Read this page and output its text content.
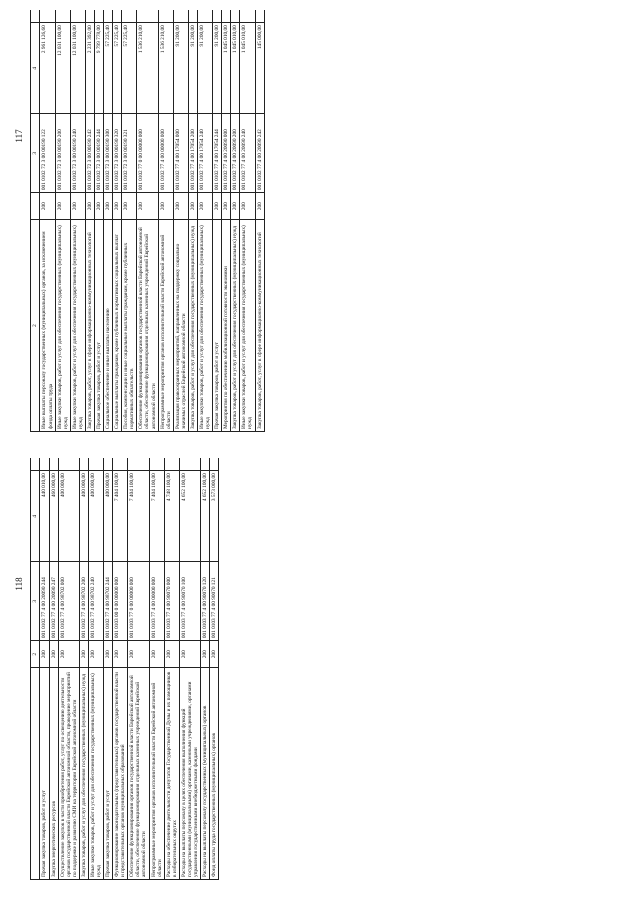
117
2		3	4		
Иные выплаты персоналу государственных (муниципальных) органов, за исключением фонда оплаты труда	200	001 0102 72 3 00 00190 122	2 961 126,60		
Иные закупки товаров, работ и услуг для обеспечения государственных (муниципальных) нужд	200	001 0102 72 3 00 00190 200	12 031 100,00		
Иные закупки товаров, работ и услуг для обеспечения государственных (муниципальных) нужд	200	001 0102 72 3 00 00190 240	12 031 100,00		
Закупка товаров, работ, услуг в сфере информационно-коммуникационных технологий	200	001 0102 72 3 00 00190 242	2 231 392,00		
Прочая закупка товаров, работ и услуг	200	001 0102 72 3 00 00190 244	9 799 778,00		
Социальное обеспечение и иные выплаты населению	200	001 0102 72 3 00 00190 300	57 225,40		
Социальные выплаты гражданам, кроме публичных нормативных социальных выплат	200	001 0102 72 3 00 00190 320	57 225,40		
Пособия, компенсации и иные социальные выплаты гражданам, кроме публичных нормативных обязательств	200	001 0102 72 3 00 00190 321	57 225,40		
Обеспечение функционирования органов государственной власти Еврейской автономной области, обеспечение функционирования отдельных казенных учреждений Еврейской автономной области	200	001 0102 77 0 00 00000 000	1 536 210,00		
Непрограммные мероприятия органов исполнительной власти Еврейской автономной области	200	001 0102 77 4 00 00000 000	1 536 210,00		
Реализация правоохранных мероприятий, направленных на поддержку социально значимых отраслей Еврейской автономной области	200	001 0102 77 4 00 17054 000	91 200,00		
Закупка товаров, работ и услуг для обеспечения государственных (муниципальных) нужд	200	001 0102 77 4 00 17054 200	91 200,00		
Иные закупки товаров, работ и услуг для обеспечения государственных (муниципальных) нужд	200	001 0102 77 4 00 17054 240	91 200,00		
Прочая закупка товаров, работ и услуг	200	001 0102 77 4 00 17054 244	91 200,00		
Мероприятия по обеспечению мобилизационной готовности экономики	200	001 0102 77 4 00 20090 000	1 045 010,00		
Закупка товаров, работ и услуг для обеспечения государственных (муниципальных) нужд	200	001 0102 77 4 00 20090 200	1 045 010,00		
Иные закупки товаров, работ и услуг для обеспечения государственных (муниципальных) нужд	200	001 0102 77 4 00 20090 240	1 045 010,00		
Закупка товаров, работ, услуг в сфере информационно-коммуникационных технологий	200	001 0102 77 4 00 20090 242	145 000,00		
118
	2	3	4		
Прочая закупка товаров, работ и услуг	200	001 0102 77 4 00 20090 244	440 010,00		
Закупка энергетических ресурсов	200	001 0102 77 4 00 20090 247	460 000,00		
Осуществление закупок в части приобретения работ, услуг по освещению деятельности органов государственной власти Еврейской автономной области, проведение мероприятий по поддержке и развитию СМИ на территории Еврейской автономной области	200	001 0102 77 4 00 98702 000	400 000,00		
Закупка товаров, работ и услуг для обеспечения государственных (муниципальных) нужд	200	001 0102 77 4 00 98702 200	400 000,00		
Иные закупки товаров, работ и услуг для обеспечения государственных (муниципальных) нужд	200	001 0102 77 4 00 98702 240	400 000,00		
Прочая закупка товаров, работ и услуг	200	001 0102 77 4 00 98702 244	400 000,00		
Функционирование законодательных (представительных) органов государственной власти и представительных органов муниципальных образований	200	001 0103 00 0 00 00000 000	7 404 100,00		
Обеспечение функционирования органов государственной власти Еврейской автономной области, обеспечение функционирования отдельных казенных учреждений Еврейской автономной области	200	001 0103 77 0 00 00000 000	7 404 100,00		
Непрограммные мероприятия органов исполнительной власти Еврейской автономной области	200	001 0103 77 4 00 00000 000	7 404 100,00		
Расходы на обеспечение деятельности депутатов Государственной Думы и их помощников в избирательных округах	200	001 0103 77 4 00 90070 000	4 748 100,00		
Расходы на выплаты персоналу в целях обеспечения выполнения функций государственными (муниципальными) органами, казенными учреждениями, органами управления государственными внебюджетными фондами	200	001 0103 77 4 00 90070 100	4 652 100,00		
Расходы на выплаты персоналу государственных (муниципальных) органов	200	001 0103 77 4 00 90070 120	4 652 100,00		
Фонд оплаты труда государственных (муниципальных) органов	200	001 0103 77 4 00 90070 121	3 573 000,00		
